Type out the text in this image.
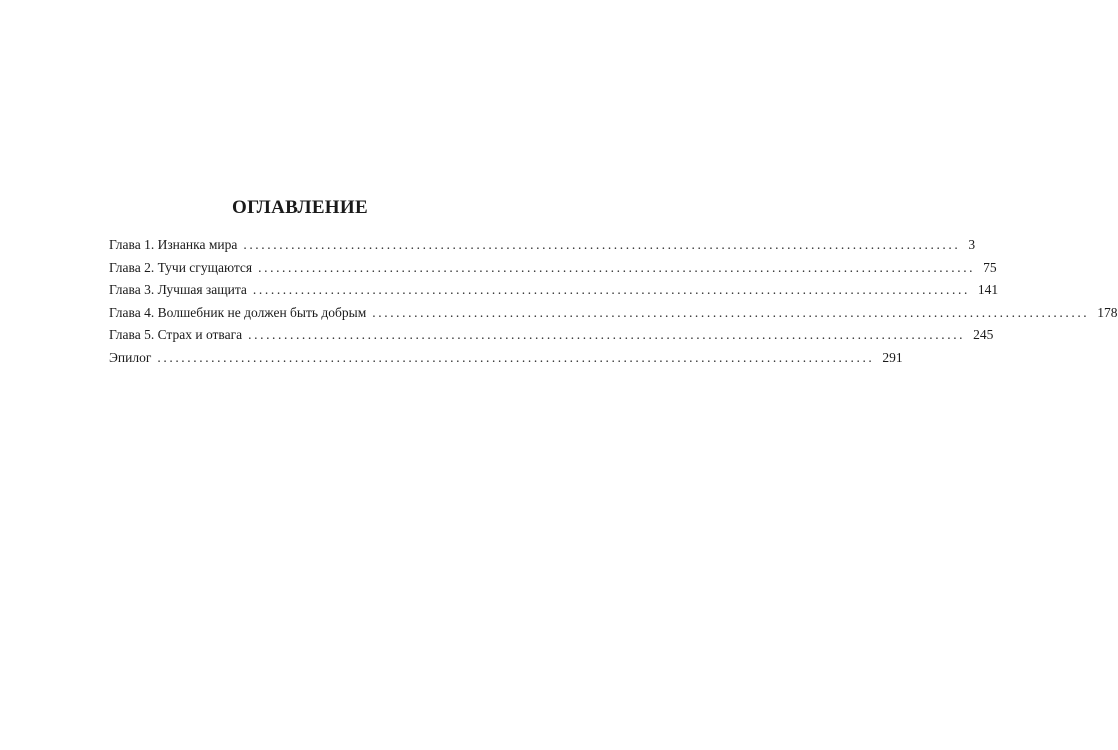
ОГЛАВЛЕНИЕ
Глава 1. Изнанка мира ........................................................................................................................ 3
Глава 2. Тучи сгущаются ........................................................................................................................ 75
Глава 3. Лучшая защита ........................................................................................................................ 141
Глава 4. Волшебник не должен быть добрым ........................................................................................................................ 178
Глава 5. Страх и отвага ........................................................................................................................ 245
Эпилог ........................................................................................................................ 291
